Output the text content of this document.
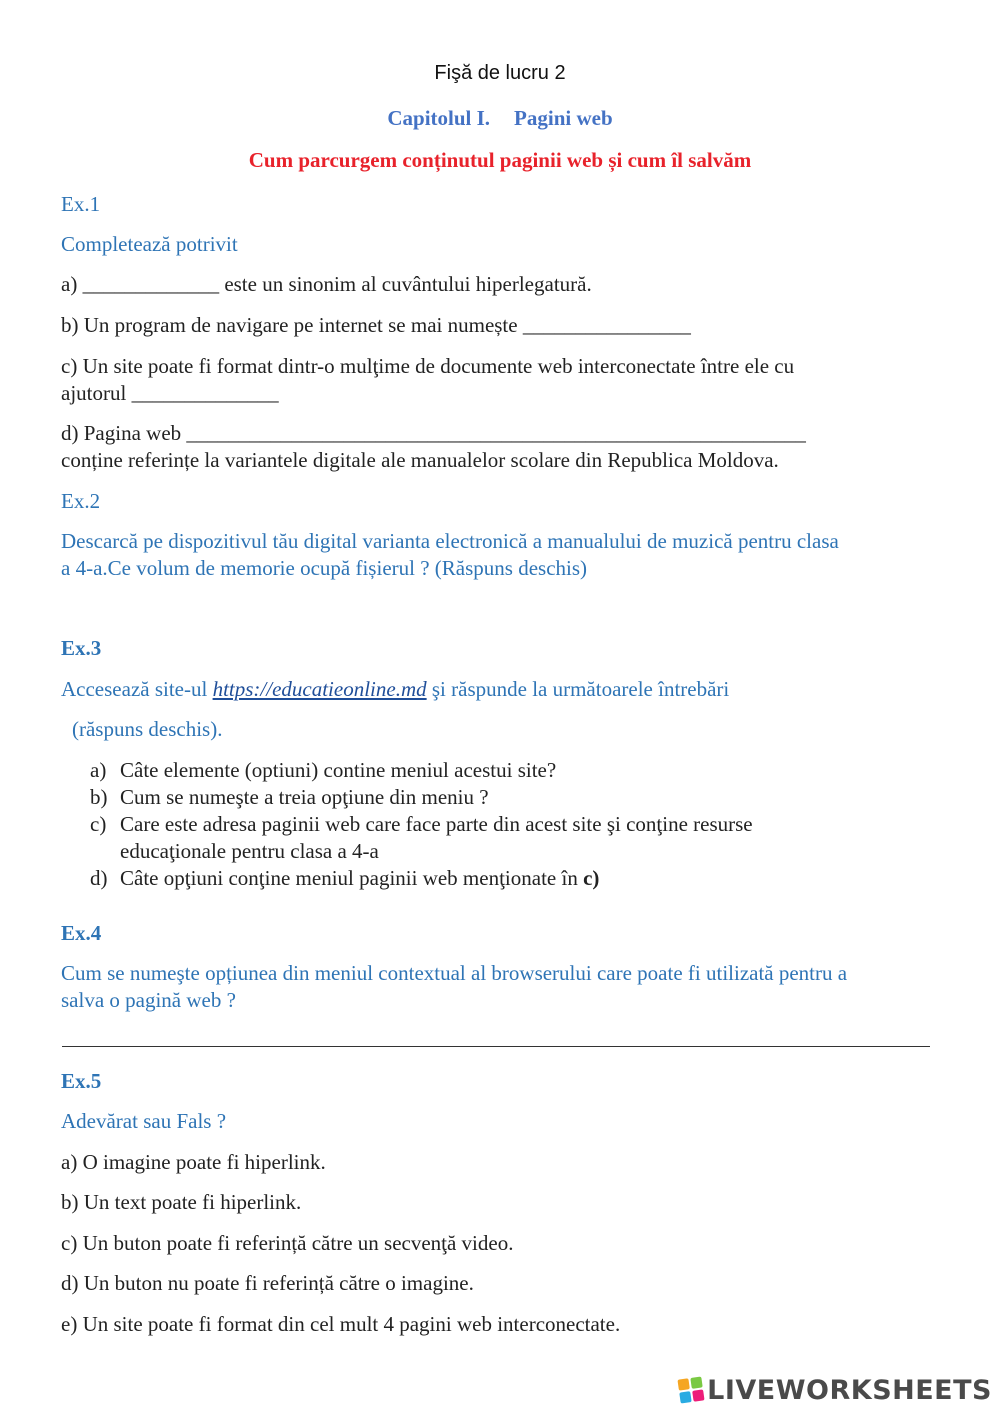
Fişă de lucru 2
Capitolul I. Pagini web
Cum parcurgem conținutul paginii web și cum îl salvăm
Ex.1
Completează potrivit
a) _____________ este un sinonim al cuvântului hiperlegatură.
b) Un program de navigare pe internet se mai numește ________________
c) Un site poate fi format dintr-o mulţime de documente web interconectate între ele cu
ajutorul ______________
d) Pagina web ___________________________________________________________
conține referințe la variantele digitale ale manualelor scolare din Republica Moldova.
Ex.2
Descarcă pe dispozitivul tău digital varianta electronică a manualului de muzică pentru clasa
a 4-a.Ce volum de memorie ocupă fișierul ? (Răspuns deschis)
Ex.3
Accesează site-ul https://educatieonline.md şi răspunde la următoarele întrebări
(răspuns deschis).
a) Câte elemente (optiuni) contine meniul acestui site?
b) Cum se numeşte a treia opţiune din meniu ?
c) Care este adresa paginii web care face parte din acest site şi conţine resurse
educaţionale pentru clasa a 4-a
d) Câte opţiuni conţine meniul paginii web menţionate în c)
Ex.4
Cum se numeşte opțiunea din meniul contextual al browserului care poate fi utilizată pentru a
salva o pagină web ?
Ex.5
Adevărat sau Fals ?
a) O imagine poate fi hiperlink.
b) Un text poate fi hiperlink.
c) Un buton poate fi referință către un secvenţă video.
d) Un buton nu poate fi referință către o imagine.
e) Un site poate fi format din cel mult 4 pagini web interconectate.
LIVEWORKSHEETS
